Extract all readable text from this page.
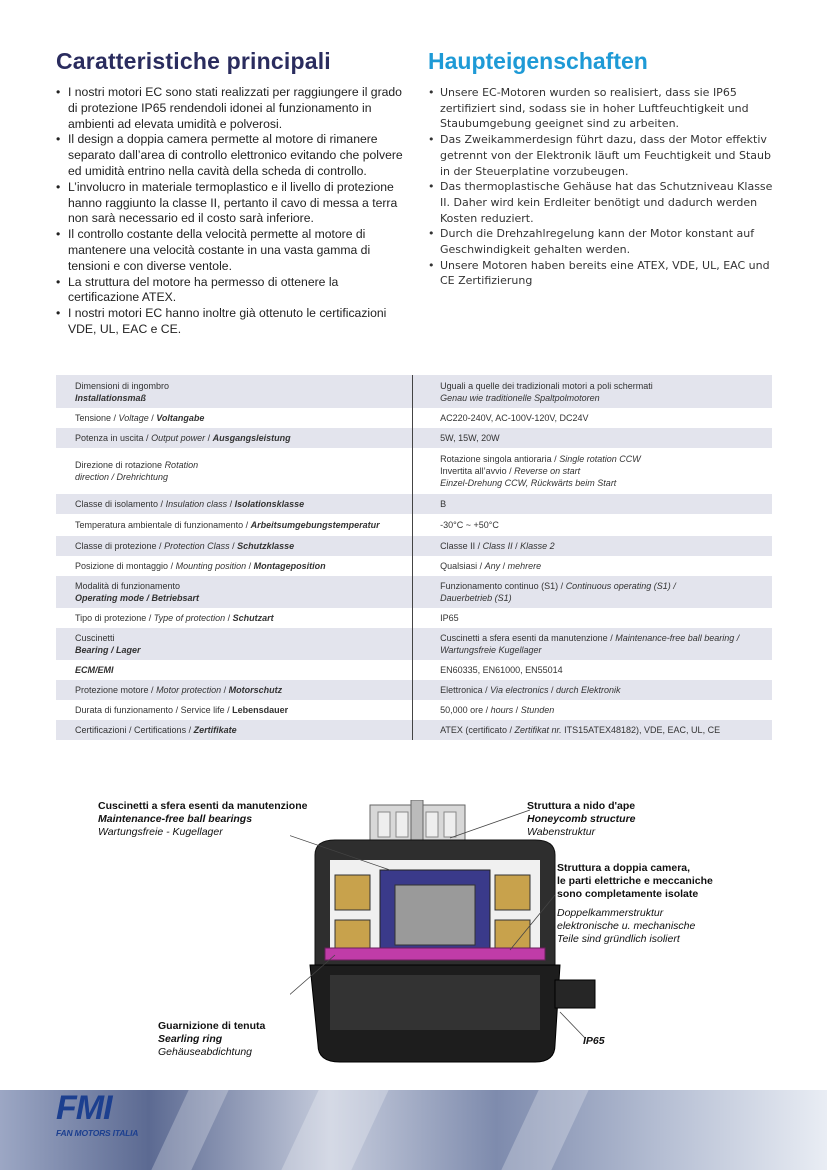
Caratteristiche principali
• I nostri motori EC sono stati realizzati per raggiungere il grado di protezione IP65 rendendoli idonei al funzionamento in ambienti ad elevata umidità e polverosi.
• Il design a doppia camera permette al motore di rimanere separato dall’area di controllo elettronico evitando che polvere ed umidità entrino nella cavità della scheda di controllo.
• L’involucro in materiale termoplastico e il livello di protezione hanno raggiunto la classe II, pertanto il cavo di messa a terra non sarà necessario ed il costo sarà inferiore.
• Il controllo costante della velocità permette al motore di mantenere una velocità costante in una vasta gamma di tensioni e con diverse ventole.
• La struttura del motore ha permesso di ottenere la certificazione ATEX.
• I nostri motori EC hanno inoltre già ottenuto le certificazioni VDE, UL, EAC e CE.
Haupteigenschaften
• Unsere EC-Motoren wurden so realisiert, dass sie IP65 zertifiziert sind, sodass sie in hoher Luftfeuchtigkeit und Staubumgebung geeignet sind zu arbeiten.
• Das Zweikammerdesign führt dazu, dass der Motor effektiv getrennt von der Elektronik läuft um Feuchtigkeit und Staub in der Steuerplatine vorzubeugen.
• Das thermoplastische Gehäuse hat das Schutzniveau Klasse II. Daher wird kein Erdleiter benötigt und dadurch werden Kosten reduziert.
• Durch die Drehzahlregelung kann der Motor konstant auf Geschwindigkeit gehalten werden.
• Unsere Motoren haben bereits eine ATEX, VDE, UL, EAC und CE Zertifizierung
Dimensioni di ingombro
Installationsmaß	Uguali a quelle dei tradizionali motori a poli schermati
Genau wie traditionelle Spaltpolmotoren
Tensione / Voltage / Voltangabe	AC220-240V, AC-100V-120V, DC24V
Potenza in uscita / Output power / Ausgangsleistung	5W, 15W, 20W
Direzione di rotazione Rotation
direction / Drehrichtung	Rotazione singola antioraria / Single rotation CCW
Invertita all’avvio / Reverse on start
Einzel-Drehung CCW, Rückwärts beim Start
Classe di isolamento / Insulation class / Isolationsklasse	B
Temperatura ambientale di funzionamento / Arbeitsumgebungstemperatur	-30°C ~ +50°C
Classe di protezione / Protection Class / Schutzklasse	Classe II / Class II / Klasse 2
Posizione di montaggio / Mounting position / Montageposition	Qualsiasi / Any / mehrere
Modalità di funzionamento
Operating mode / Betriebsart	Funzionamento continuo (S1) / Continuous operating (S1) /
Dauerbetrieb (S1)
Tipo di protezione / Type of protection / Schutzart	IP65
Cuscinetti
Bearing / Lager	Cuscinetti a sfera esenti da manutenzione / Maintenance-free ball bearing /
Wartungsfreie Kugellager
ECM/EMI	EN60335, EN61000, EN55014
Protezione motore / Motor protection / Motorschutz	Elettronica / Via electronics / durch Elektronik
Durata di funzionamento / Service life / Lebensdauer	50,000 ore / hours / Stunden
Certificazioni / Certifications / Zertifikate	ATEX (certificato / Zertifikat nr. ITS15ATEX48182), VDE, EAC, UL, CE
Cuscinetti a sfera esenti da manutenzione
Maintenance-free ball bearings
Wartungsfreie - Kugellager
Struttura a nido d'ape
Honeycomb structure
Wabenstruktur
Struttura a doppia camera,
le parti elettriche e meccaniche
sono completamente isolate
Doppelkammerstruktur
elektronische u. mechanische
Teile sind gründlich isoliert
Guarnizione di tenuta
Searling ring
Gehäuseabdichtung
IP65
FMI
FAN MOTORS ITALIA
